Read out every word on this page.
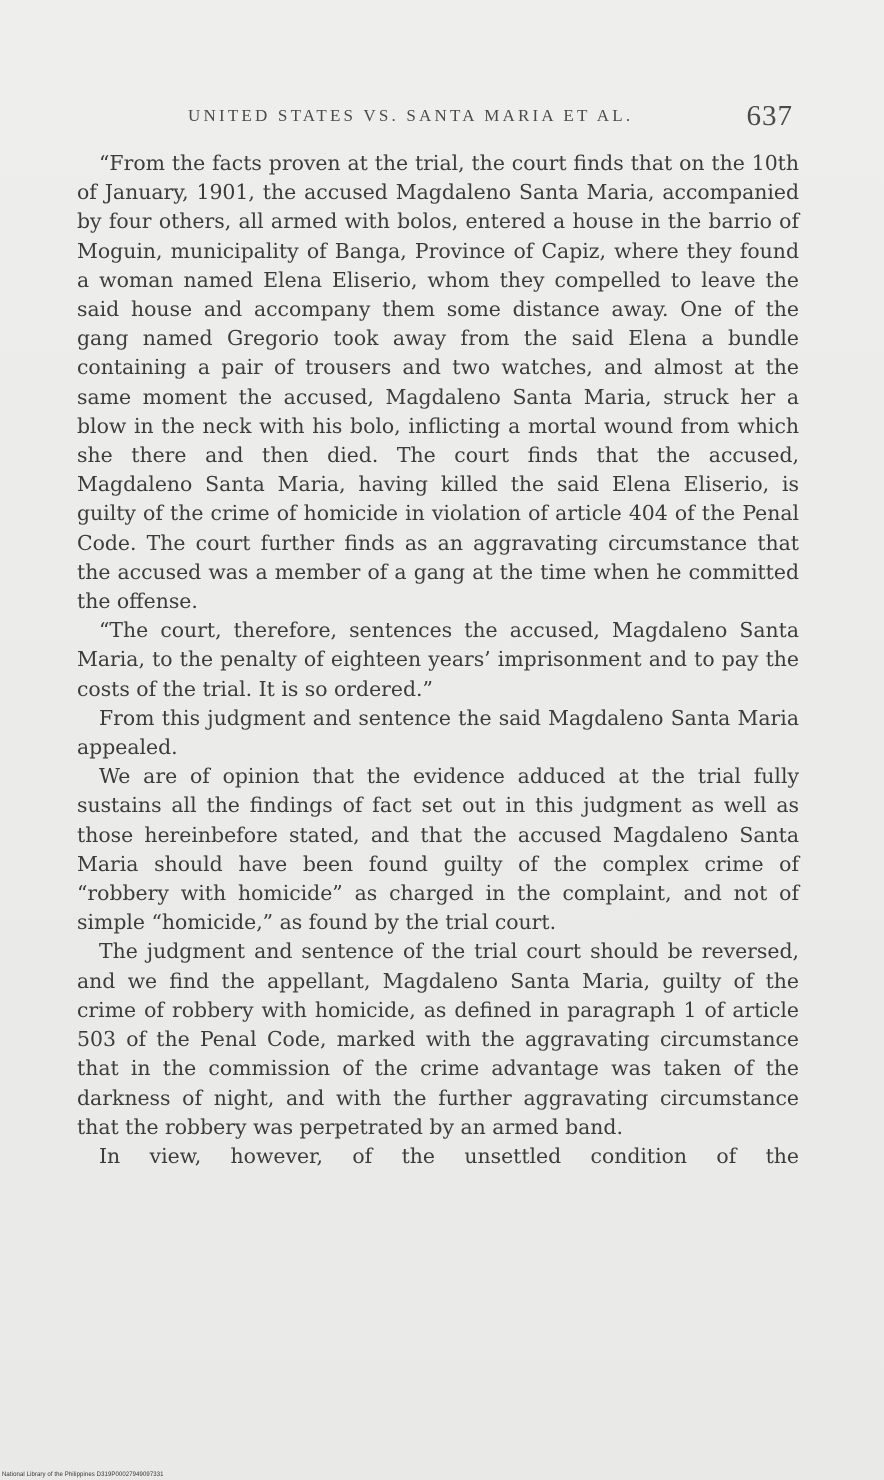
UNITED STATES VS. SANTA MARIA ET AL.	637

“From the facts proven at the trial, the court finds that on the 10th of January, 1901, the accused Magdaleno Santa Maria, accompanied by four others, all armed with bolos, entered a house in the barrio of Moguin, municipality of Banga, Province of Capiz, where they found a woman named Elena Eliserio, whom they compelled to leave the said house and accompany them some distance away. One of the gang named Gregorio took away from the said Elena a bundle containing a pair of trousers and two watches, and almost at the same moment the accused, Magdaleno Santa Maria, struck her a blow in the neck with his bolo, inflicting a mortal wound from which she there and then died. The court finds that the accused, Magdaleno Santa Maria, having killed the said Elena Eliserio, is guilty of the crime of homicide in violation of article 404 of the Penal Code. The court further finds as an aggravating circumstance that the accused was a member of a gang at the time when he committed the offense.

“The court, therefore, sentences the accused, Magdaleno Santa Maria, to the penalty of eighteen years’ imprisonment and to pay the costs of the trial. It is so ordered.”

From this judgment and sentence the said Magdaleno Santa Maria appealed.

We are of opinion that the evidence adduced at the trial fully sustains all the findings of fact set out in this judgment as well as those hereinbefore stated, and that the accused Magdaleno Santa Maria should have been found guilty of the complex crime of “robbery with homicide” as charged in the complaint, and not of simple “homicide,” as found by the trial court.

The judgment and sentence of the trial court should be reversed, and we find the appellant, Magdaleno Santa Maria, guilty of the crime of robbery with homicide, as defined in paragraph 1 of article 503 of the Penal Code, marked with the aggravating circumstance that in the commission of the crime advantage was taken of the darkness of night, and with the further aggravating circumstance that the robbery was perpetrated by an armed band.

In view, however, of the unsettled condition of the

National Library of the Philippines D319P00027949097331
